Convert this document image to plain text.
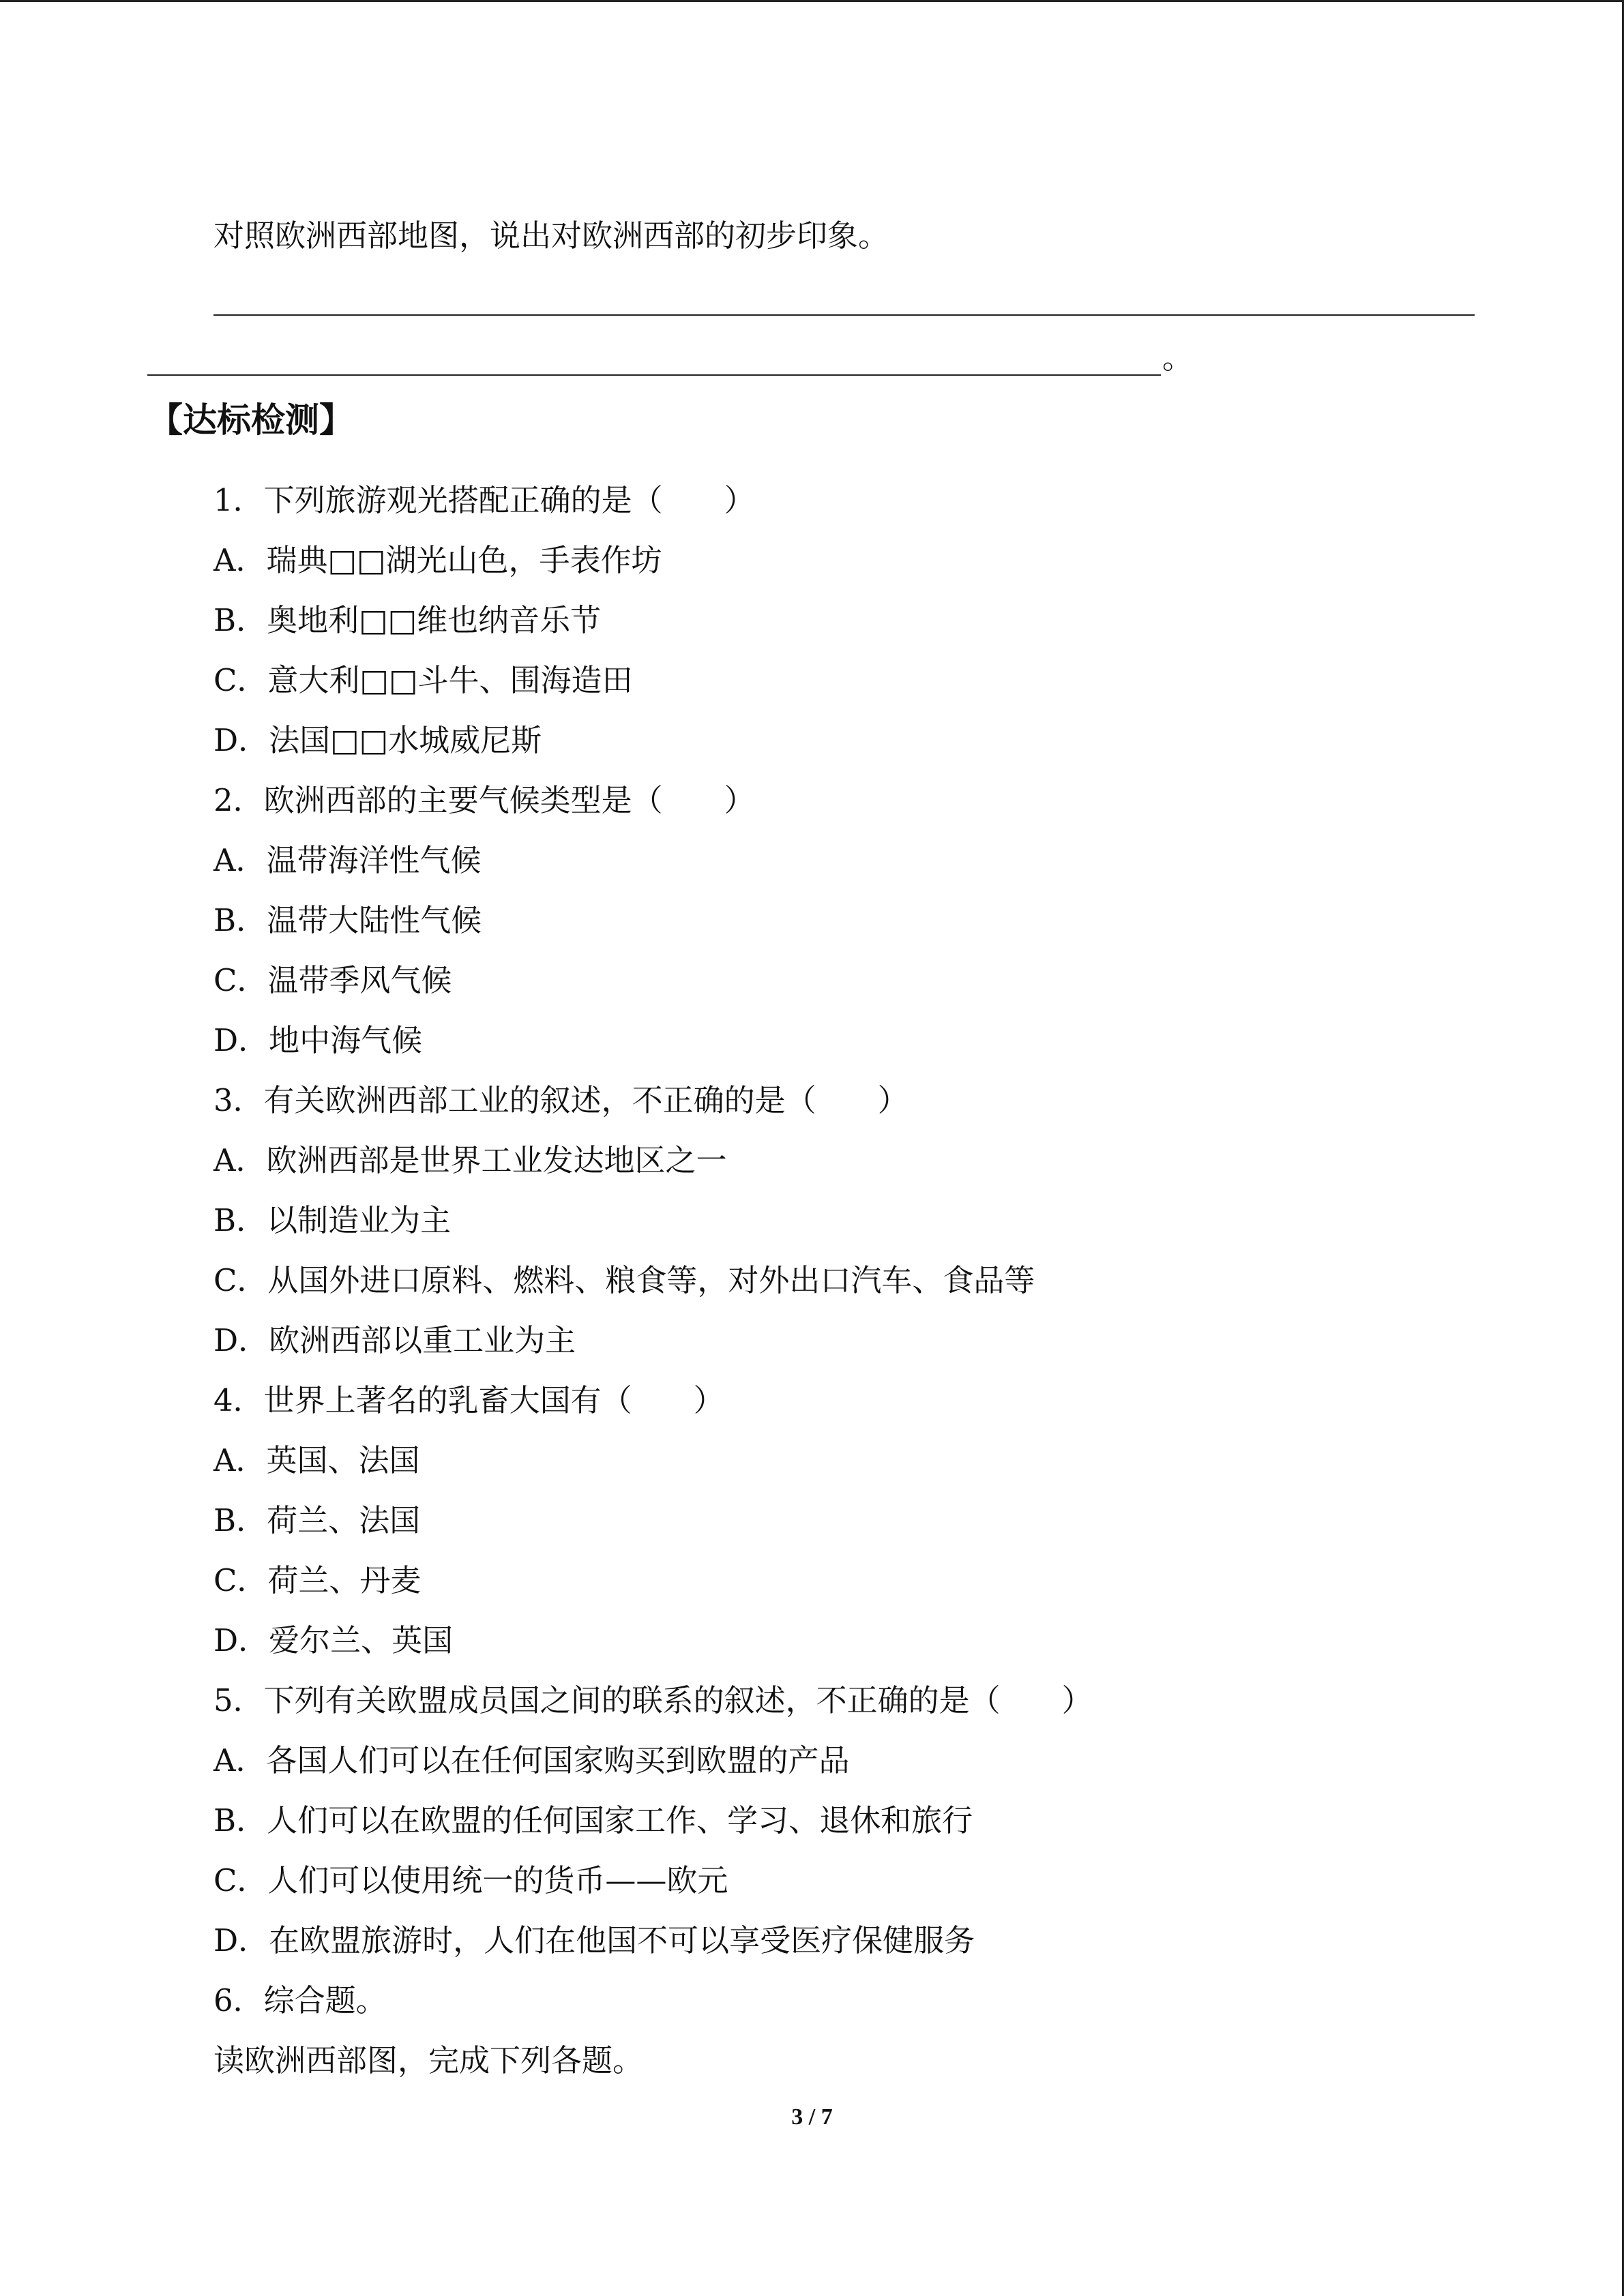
对照欧洲西部地图，说出对欧洲西部的初步印象。
。
【达标检测】
1．下列旅游观光搭配正确的是（　　）
A．瑞典□□湖光山色，手表作坊
B．奥地利□□维也纳音乐节
C．意大利□□斗牛、围海造田
D．法国□□水城威尼斯
2．欧洲西部的主要气候类型是（　　）
A．温带海洋性气候
B．温带大陆性气候
C．温带季风气候
D．地中海气候
3．有关欧洲西部工业的叙述，不正确的是（　　）
A．欧洲西部是世界工业发达地区之一
B．以制造业为主
C．从国外进口原料、燃料、粮食等，对外出口汽车、食品等
D．欧洲西部以重工业为主
4．世界上著名的乳畜大国有（　　）
A．英国、法国
B．荷兰、法国
C．荷兰、丹麦
D．爱尔兰、英国
5．下列有关欧盟成员国之间的联系的叙述，不正确的是（　　）
A．各国人们可以在任何国家购买到欧盟的产品
B．人们可以在欧盟的任何国家工作、学习、退休和旅行
C．人们可以使用统一的货币——欧元
D．在欧盟旅游时，人们在他国不可以享受医疗保健服务
6．综合题。
读欧洲西部图，完成下列各题。
3 / 7
